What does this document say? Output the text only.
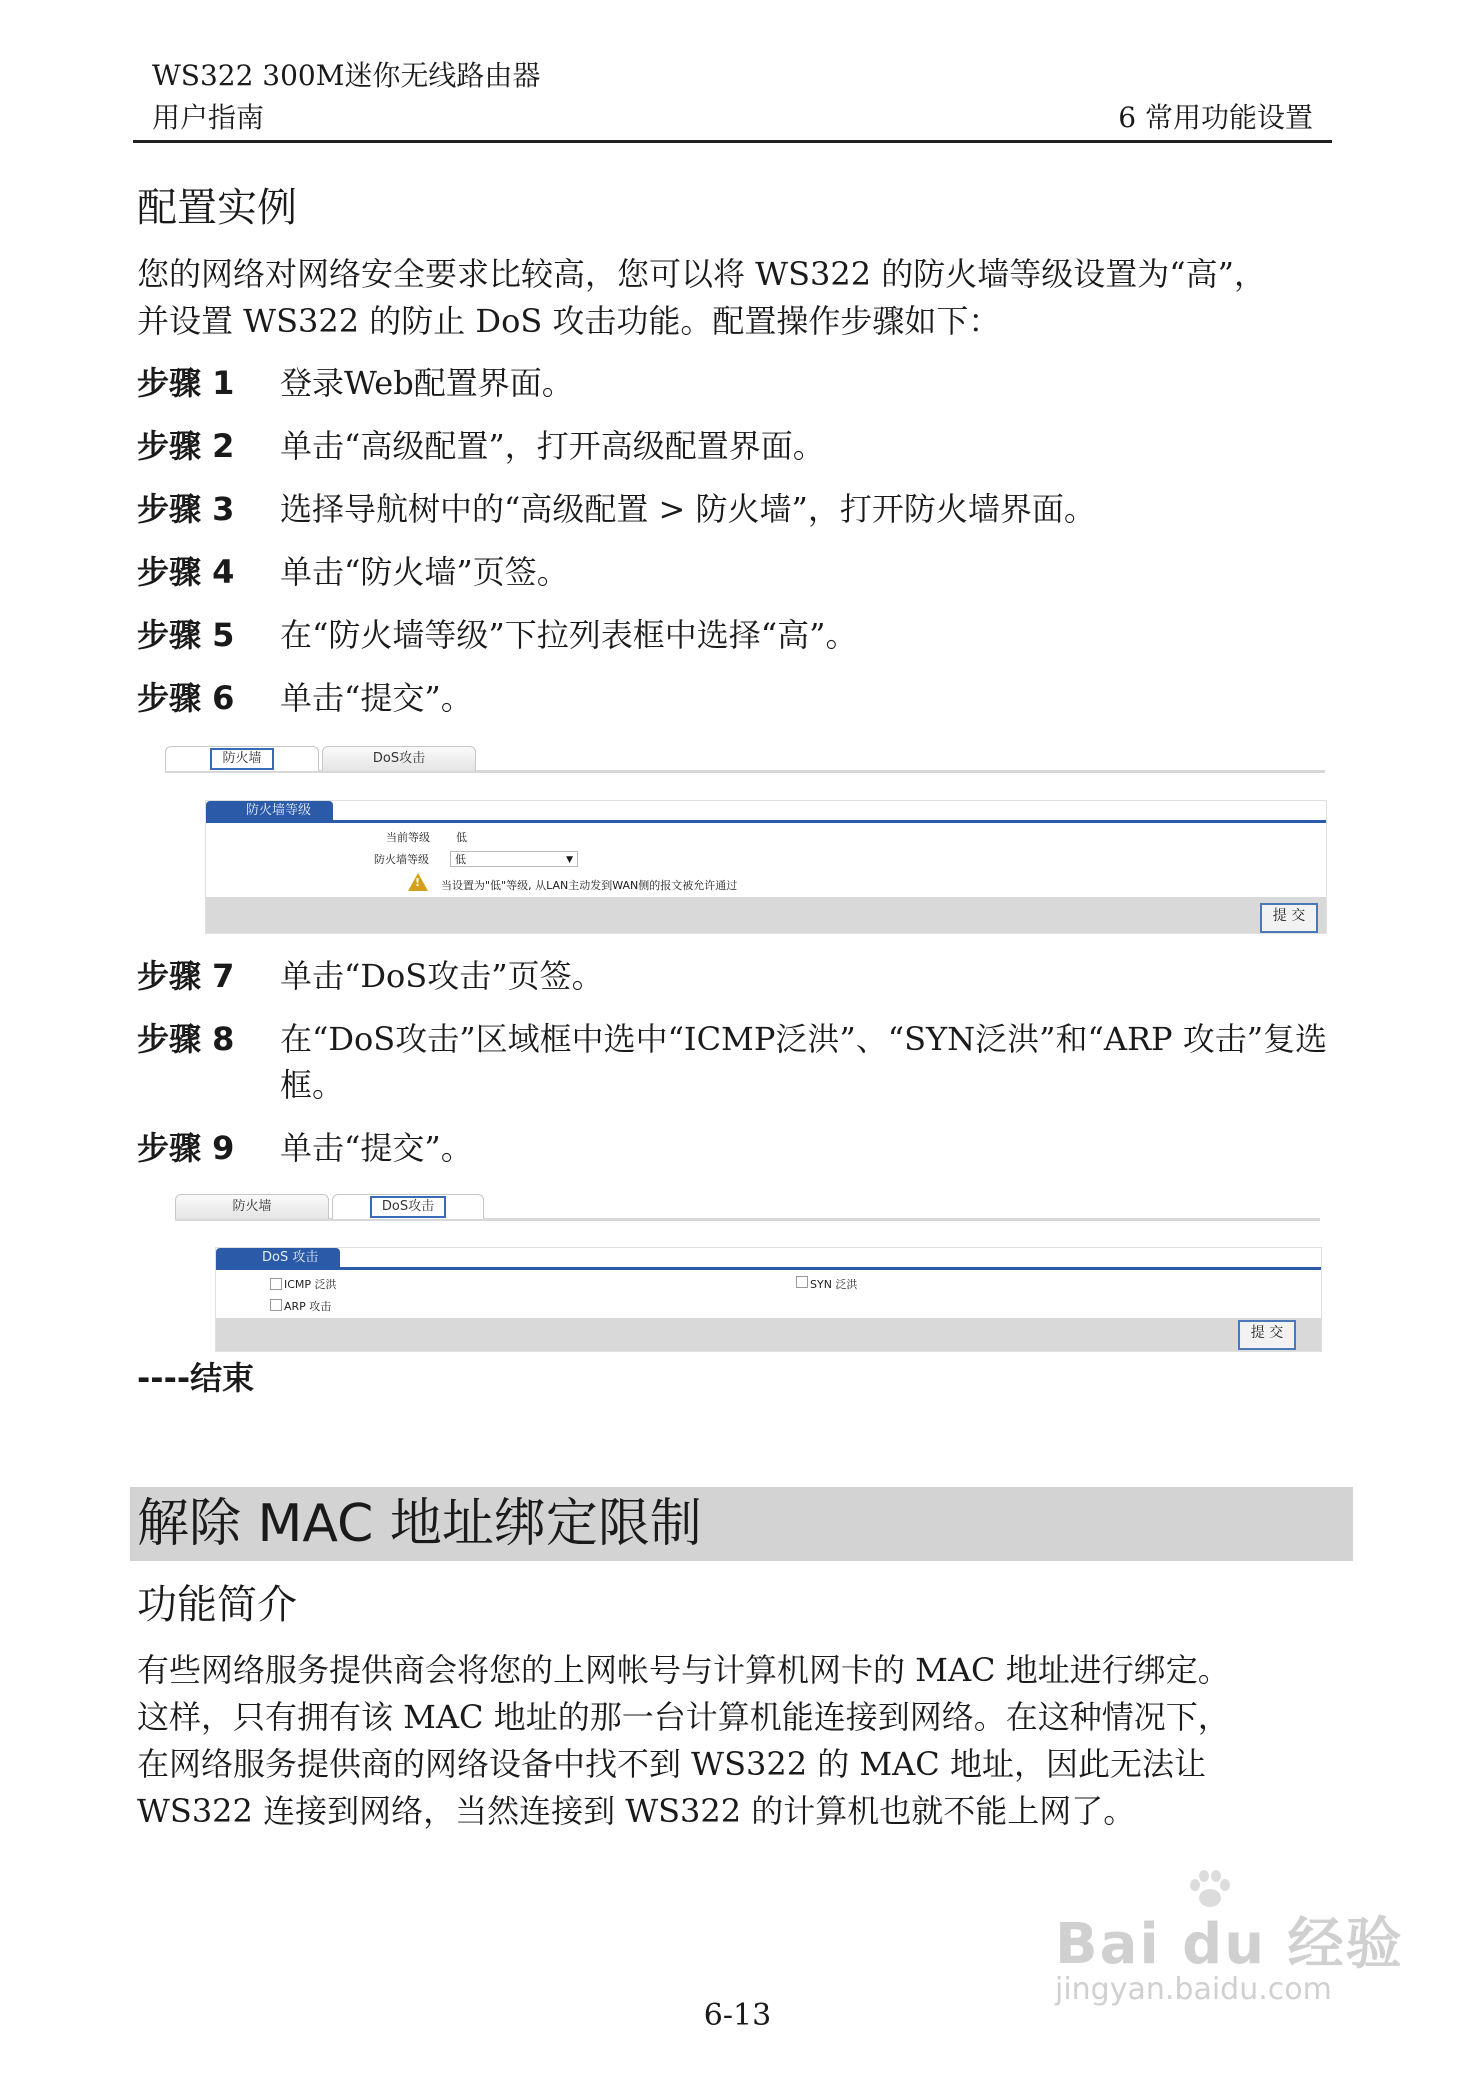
WS322 300M迷你无线路由器
用户指南	6 常用功能设置
配置实例
您的网络对网络安全要求比较高，您可以将 WS322 的防火墙等级设置为“高”，
并设置 WS322 的防止 DoS 攻击功能。配置操作步骤如下：
步骤 1 登录Web配置界面。
步骤 2 单击“高级配置”，打开高级配置界面。
步骤 3 选择导航树中的“高级配置 > 防火墙”，打开防火墙界面。
步骤 4 单击“防火墙”页签。
步骤 5 在“防火墙等级”下拉列表框中选择“高”。
步骤 6 单击“提交”。
防火墙	DoS攻击
防火墙等级
当前等级 低
防火墙等级	低	▼
! 当设置为"低"等级, 从LAN主动发到WAN侧的报文被允许通过
提 交
步骤 7 单击“DoS攻击”页签。
步骤 8 在“DoS攻击”区域框中选中“ICMP泛洪”、“SYN泛洪”和“ARP 攻击”复选框。
步骤 9 单击“提交”。
防火墙	DoS攻击
DoS 攻击
ICMP 泛洪	SYN 泛洪
ARP 攻击
提 交
----结束
解除 MAC 地址绑定限制
功能简介
有些网络服务提供商会将您的上网帐号与计算机网卡的 MAC 地址进行绑定。
这样，只有拥有该 MAC 地址的那一台计算机能连接到网络。在这种情况下，
在网络服务提供商的网络设备中找不到 WS322 的 MAC 地址，因此无法让
WS322 连接到网络，当然连接到 WS322 的计算机也就不能上网了。
6-13
Bai du 经验
jingyan.baidu.com
